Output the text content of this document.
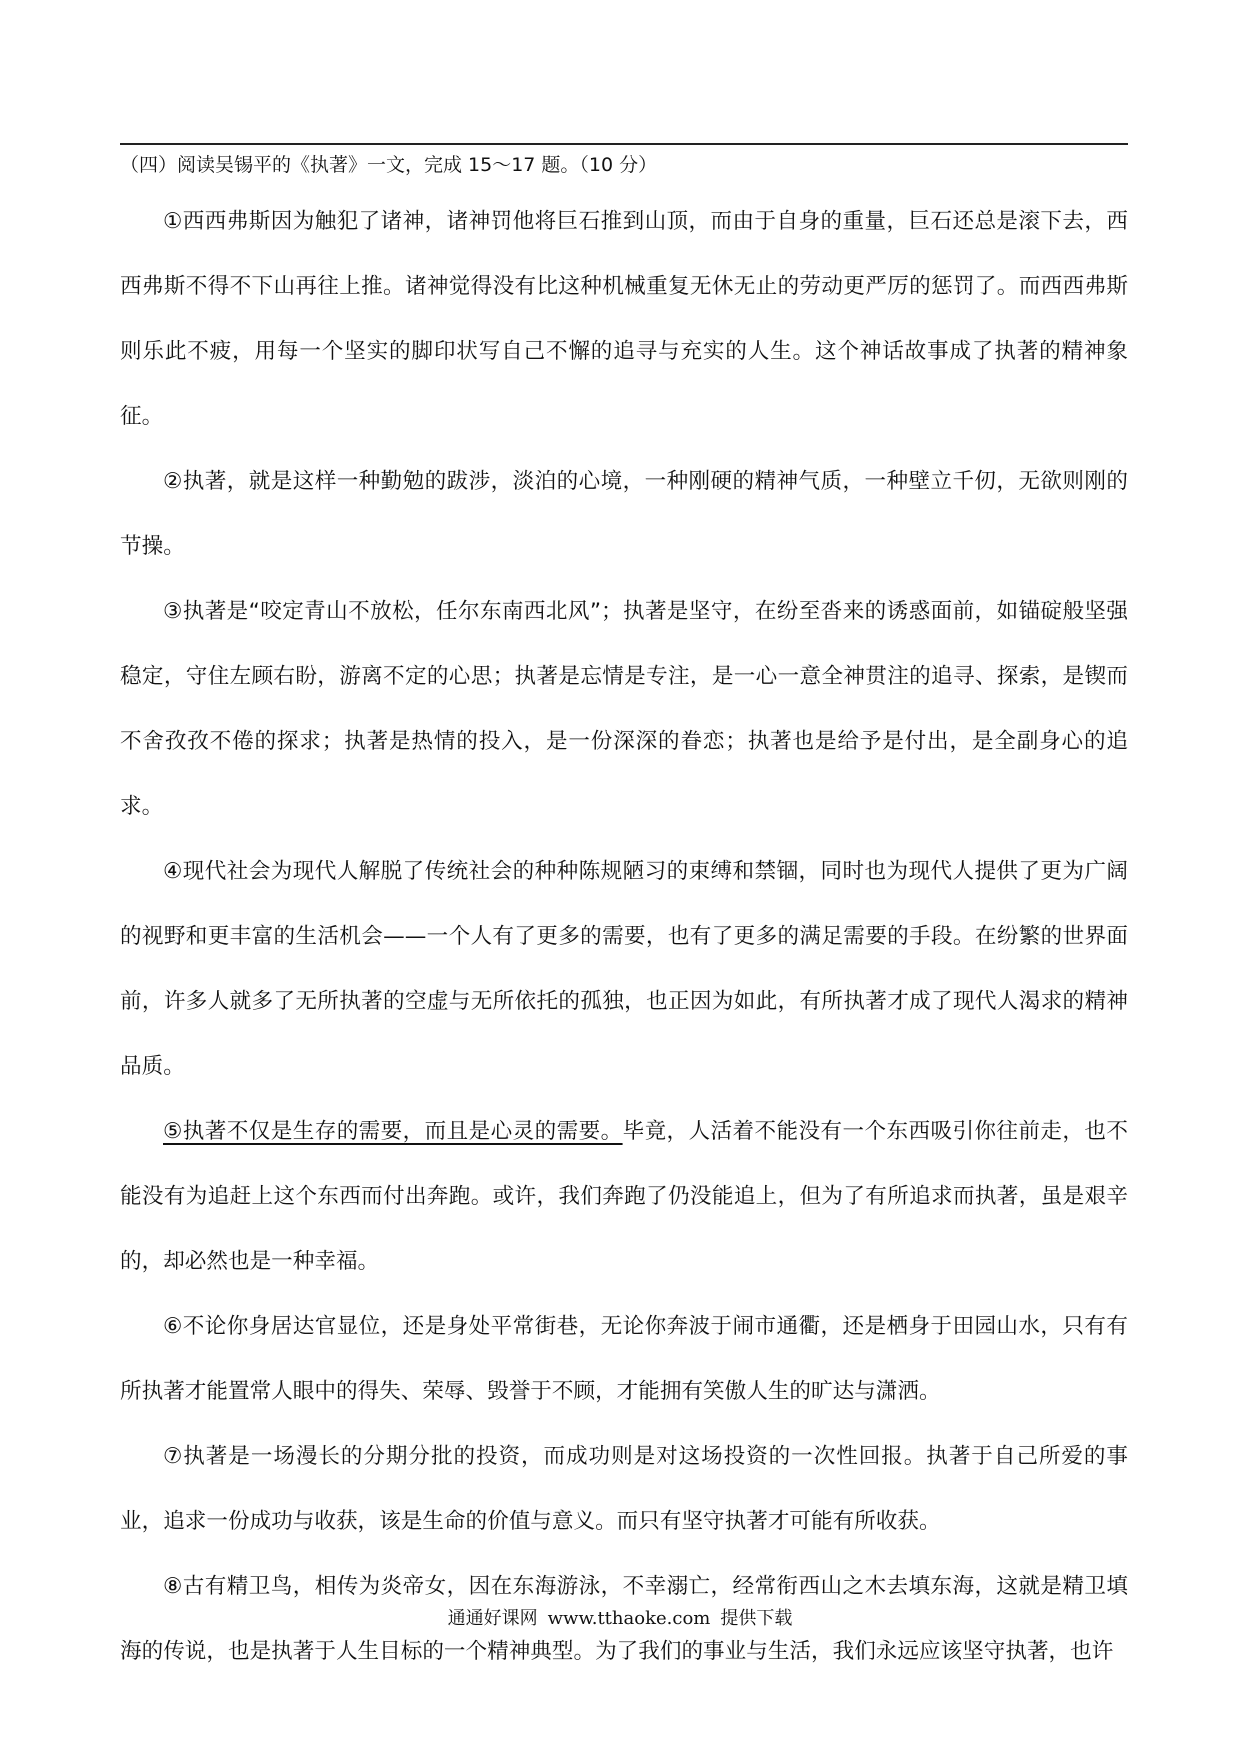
（四）阅读吴锡平的《执著》一文，完成 15～17 题。（10 分）

①西西弗斯因为触犯了诸神，诸神罚他将巨石推到山顶，而由于自身的重量，巨石还总是滚下去，西西弗斯不得不下山再往上推。诸神觉得没有比这种机械重复无休无止的劳动更严厉的惩罚了。而西西弗斯则乐此不疲，用每一个坚实的脚印状写自己不懈的追寻与充实的人生。这个神话故事成了执著的精神象征。

②执著，就是这样一种勤勉的跋涉，淡泊的心境，一种刚硬的精神气质，一种壁立千仞，无欲则刚的节操。

③执著是“咬定青山不放松，任尔东南西北风”；执著是坚守，在纷至沓来的诱惑面前，如锚碇般坚强稳定，守住左顾右盼，游离不定的心思；执著是忘情是专注，是一心一意全神贯注的追寻、探索，是锲而不舍孜孜不倦的探求；执著是热情的投入，是一份深深的眷恋；执著也是给予是付出，是全副身心的追求。

④现代社会为现代人解脱了传统社会的种种陈规陋习的束缚和禁锢，同时也为现代人提供了更为广阔的视野和更丰富的生活机会——一个人有了更多的需要，也有了更多的满足需要的手段。在纷繁的世界面前，许多人就多了无所执著的空虚与无所依托的孤独，也正因为如此，有所执著才成了现代人渴求的精神品质。

⑤执著不仅是生存的需要，而且是心灵的需要。毕竟，人活着不能没有一个东西吸引你往前走，也不能没有为追赶上这个东西而付出奔跑。或许，我们奔跑了仍没能追上，但为了有所追求而执著，虽是艰辛的，却必然也是一种幸福。

⑥不论你身居达官显位，还是身处平常街巷，无论你奔波于闹市通衢，还是栖身于田园山水，只有有所执著才能置常人眼中的得失、荣辱、毁誉于不顾，才能拥有笑傲人生的旷达与潇洒。

⑦执著是一场漫长的分期分批的投资，而成功则是对这场投资的一次性回报。执著于自己所爱的事业，追求一份成功与收获，该是生命的价值与意义。而只有坚守执著才可能有所收获。

⑧古有精卫鸟，相传为炎帝女，因在东海游泳，不幸溺亡，经常衔西山之木去填东海，这就是精卫填海的传说，也是执著于人生目标的一个精神典型。为了我们的事业与生活，我们永远应该坚守执著，也许

通通好课网 www.tthaoke.com 提供下载
